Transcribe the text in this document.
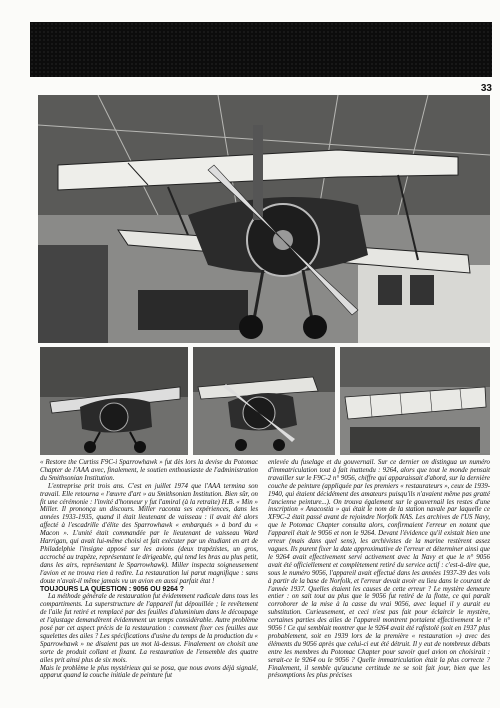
33

« Restore the Curtiss F9C-i Sparrowhawk » fut dès lors la devise du Potomac Chapter de l'AAA avec, finalement, le soutien enthousiaste de l'administration du Smithsonian Institution.

L'entreprise prit trois ans. C'est en juillet 1974 que l'AAA termina son travail. Elle retourna « l'œuvre d'art » au Smithsonian Institution. Bien sûr, on fit une cérémonie : l'invité d'honneur y fut l'amiral (à la retraite) H.B. « Min » Miller. Il prononça un discours. Miller raconta ses expériences, dans les années 1933-1935, quand il était lieutenant de vaisseau : il avait été alors affecté à l'escadrille d'élite des Sparrowhawk « embarqués » à bord du « Macon ». L'unité était commandée par le lieutenant de vaisseau Ward Harrigan, qui avait lui-même choisi et fait exécuter par un étudiant en art de Philadelphie l'insigne apposé sur les avions (deux trapézistes, un gros, accroché au trapèze, représentant le dirigeable, qui tend les bras au plus petit, dans les airs, représentant le Sparrowhawk). Miller inspecta soigneusement l'avion et ne trouva rien à redire. La restauration lui parut magnifique : sans doute n'avait-il même jamais vu un avion en aussi parfait état !

TOUJOURS LA QUESTION : 9056 OU 9264 ?

La méthode générale de restauration fut évidemment radicale dans tous les compartiments. La superstructure de l'appareil fut dépouillée ; le revêtement de l'aile fut retiré et remplacé par des feuilles d'aluminium dans le découpage et l'ajustage demandèrent évidemment un temps considérable. Autre problème posé par cet aspect précis de la restauration : comment fixer ces feuilles aux squelettes des ailes ? Les spécifications d'usine du temps de la production du « Sparrowhawk » ne disaient pas un mot là-dessus. Finalement on choisit une sorte de produit collant et fixant. La restauration de l'ensemble des quatre ailes prit ainsi plus de six mois.

Mais le problème le plus mystérieux qui se posa, que nous avons déjà signalé, apparut quand la couche initiale de peinture fut

enlevée du fuselage et du gouvernail. Sur ce dernier on distingua un numéro d'immatriculation tout à fait inattendu : 9264, alors que tout le monde pensait travailler sur le F9C-2 n° 9056, chiffre qui apparaissait d'abord, sur la dernière couche de peinture (appliquée par les premiers « restaurateurs », ceux de 1939-1940, qui étaient décidément des amateurs puisqu'ils n'avaient même pas gratté l'ancienne peinture...). On trouva également sur le gouvernail les restes d'une inscription « Anacostia » qui était le nom de la station navale par laquelle ce XF9C-2 était passé avant de rejoindre Norfolk NAS. Les archives de l'US Navy, que le Potomac Chapter consulta alors, confirmaient l'erreur en notant que l'appareil était le 9056 et non le 9264. Devant l'évidence qu'il existait bien une erreur (mais dans quel sens), les archivistes de la marine restèrent assez vagues. Ils purent fixer la date approximative de l'erreur et déterminer ainsi que le 9264 avait effectivement servi activement avec la Navy et que le n° 9056 avait été officiellement et complètement retiré du service actif : c'est-à-dire que, sous le numéro 9056, l'appareil avait effectué dans les années 1937-39 des vols à partir de la base de Norfolk, et l'erreur devait avoir eu lieu dans le courant de l'année 1937. Quelles étaient les causes de cette erreur ? Le mystère demeure entier : on sait tout au plus que le 9056 fut retiré de la flotte, ce qui paraît corroborer de la mise à la casse du vrai 9056, avec lequel il y aurait eu substitution. Curieusement, et ceci n'est pas fait pour éclaircir le mystère, certaines parties des ailes de l'appareil montrent portaient effectivement le n° 9056 ! Ce qui semblait montrer que le 9264 avait été rafistolé (soit en 1937 plus probablement, soit en 1939 lors de la première « restauration ») avec des éléments du 9056 après que celui-ci eut été détruit. Il y eut de nombreux débats entre les membres du Potomac Chapter pour savoir quel avion on choisirait : serait-ce le 9264 ou le 9056 ? Quelle immatriculation était la plus correcte ? Finalement, il semble qu'aucune certitude ne se soit fait jour, bien que les présomptions les plus précises
